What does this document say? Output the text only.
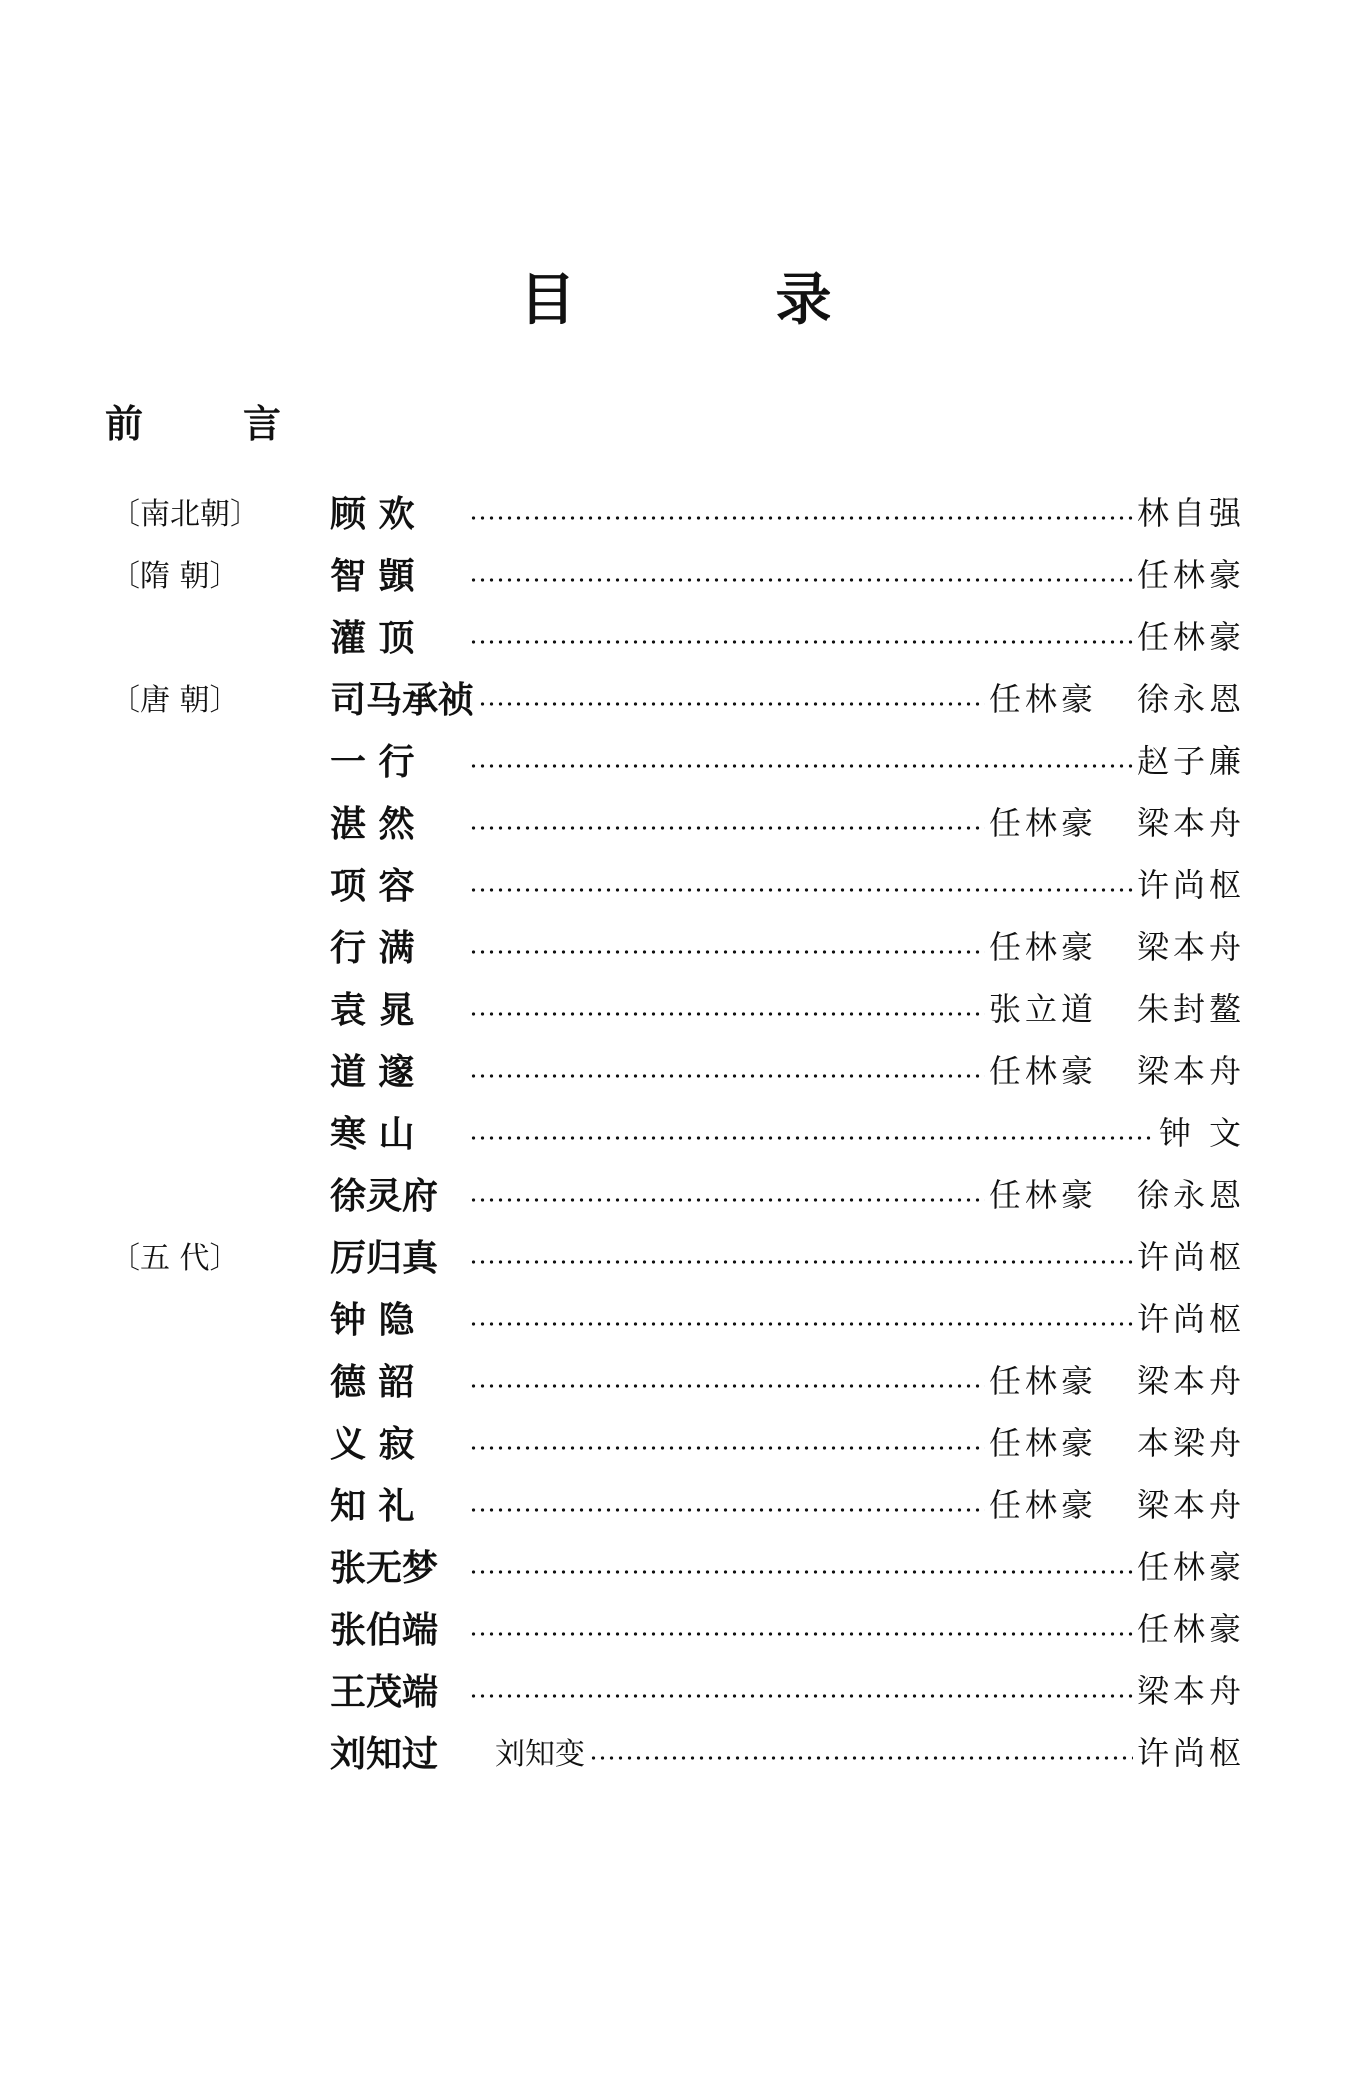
目	录
前	言
〔南北朝〕	顾 欢	林自强
〔隋 朝〕	智 顗	任林豪
灌 顶	任林豪
〔唐 朝〕	司马承祯	任林豪 徐永恩
一 行	赵子廉
湛 然	任林豪 梁本舟
项 容	许尚枢
行 满	任林豪 梁本舟
袁 晁	张立道 朱封鳌
道 邃	任林豪 梁本舟
寒 山	钟 文
徐灵府	任林豪 徐永恩
〔五 代〕	厉归真	许尚枢
钟 隐	许尚枢
德 韶	任林豪 梁本舟
义 寂	任林豪 本梁舟
知 礼	任林豪 梁本舟
张无梦	任林豪
张伯端	任林豪
王茂端	梁本舟
刘知过	刘知变	许尚枢
